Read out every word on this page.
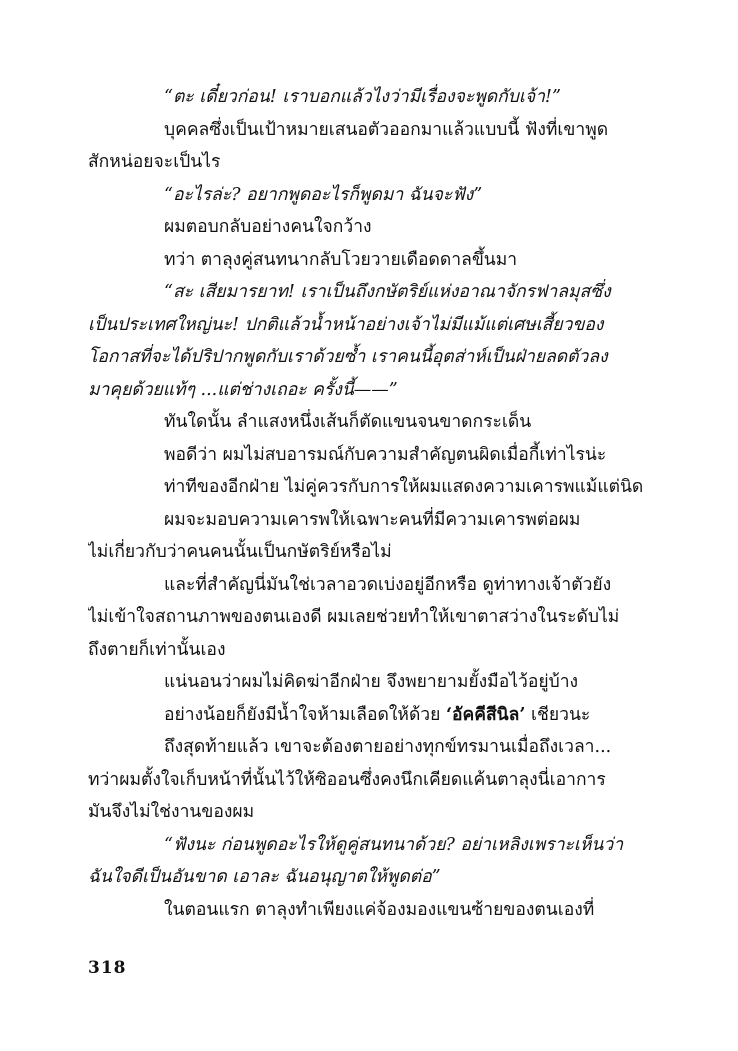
“ตะ เดี๋ยวก่อน! เราบอกแล้วไงว่ามีเรื่องจะพูดกับเจ้า!”
บุคคลซึ่งเป็นเป้าหมายเสนอตัวออกมาแล้วแบบนี้ ฟังที่เขาพูด
สักหน่อยจะเป็นไร
“อะไรล่ะ? อยากพูดอะไรก็พูดมา ฉันจะฟัง”
ผมตอบกลับอย่างคนใจกว้าง
ทว่า ตาลุงคู่สนทนากลับโวยวายเดือดดาลขึ้นมา
“สะ เสียมารยาท! เราเป็นถึงกษัตริย์แห่งอาณาจักรฟาลมุสซึ่ง
เป็นประเทศใหญ่นะ! ปกติแล้วน้ำหน้าอย่างเจ้าไม่มีแม้แต่เศษเสี้ยวของ
โอกาสที่จะได้ปริปากพูดกับเราด้วยซ้ำ เราคนนี้อุตส่าห์เป็นฝ่ายลดตัวลง
มาคุยด้วยแท้ๆ ...แต่ช่างเถอะ ครั้งนี้——”
ทันใดนั้น ลำแสงหนึ่งเส้นก็ตัดแขนจนขาดกระเด็น
พอดีว่า ผมไม่สบอารมณ์กับความสำคัญตนผิดเมื่อกี้เท่าไรน่ะ
ท่าทีของอีกฝ่าย ไม่คู่ควรกับการให้ผมแสดงความเคารพแม้แต่นิด
ผมจะมอบความเคารพให้เฉพาะคนที่มีความเคารพต่อผม
ไม่เกี่ยวกับว่าคนคนนั้นเป็นกษัตริย์หรือไม่
และที่สำคัญนี่มันใช่เวลาอวดเบ่งอยู่อีกหรือ ดูท่าทางเจ้าตัวยัง
ไม่เข้าใจสถานภาพของตนเองดี ผมเลยช่วยทำให้เขาตาสว่างในระดับไม่
ถึงตายก็เท่านั้นเอง
แน่นอนว่าผมไม่คิดฆ่าอีกฝ่าย จึงพยายามยั้งมือไว้อยู่บ้าง
อย่างน้อยก็ยังมีน้ำใจห้ามเลือดให้ด้วย ‘อัคคีสีนิล’ เชียวนะ
ถึงสุดท้ายแล้ว เขาจะต้องตายอย่างทุกข์ทรมานเมื่อถึงเวลา...
ทว่าผมตั้งใจเก็บหน้าที่นั้นไว้ให้ซิออนซึ่งคงนึกเคียดแค้นตาลุงนี่เอาการ
มันจึงไม่ใช่งานของผม
“ฟังนะ ก่อนพูดอะไรให้ดูคู่สนทนาด้วย? อย่าเหลิงเพราะเห็นว่า
ฉันใจดีเป็นอันขาด เอาละ ฉันอนุญาตให้พูดต่อ”
ในตอนแรก ตาลุงทำเพียงแค่จ้องมองแขนซ้ายของตนเองที่
318
